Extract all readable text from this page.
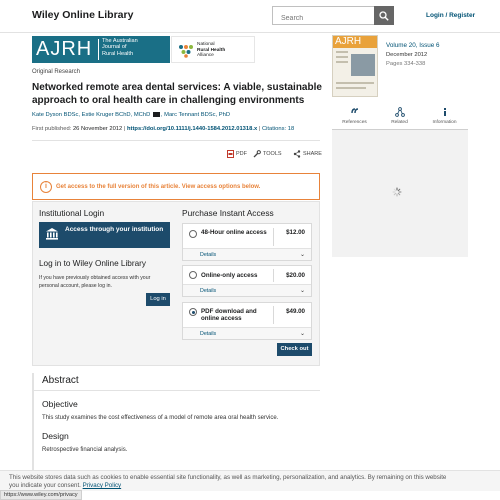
Wiley Online Library
Search	Login / Register
AJRH The Australian
Journal of
Rural Health
National
Rural Health
Alliance
Original Research
Networked remote area dental services: A viable, sustainable approach to oral health care in challenging environments
Kate Dyson BDSc, Estie Kruger BChD, MChD , Marc Tennant BDSc, PhD
First published: 26 November 2012 | https://doi.org/10.1111/j.1440-1584.2012.01318.x | Citations: 18
PDF	TOOLS	SHARE
i	Get access to the full version of this article. View access options below.
Institutional Login
Access through your institution
Log in to Wiley Online Library
If you have previously obtained access with your personal account, please log in.
Log in
Purchase Instant Access
48-Hour online access	$12.00
Details	⌄
Online-only access	$20.00
Details	⌄
PDF download and online access
$49.00
Details	⌄
Check out
Abstract
Objective
This study examines the cost effectiveness of a model of remote area oral health service.
Design
Retrospective financial analysis.
AJRH	Volume 20, Issue 6
December 2012
Pages 334-338
References	Related	Information
This website stores data such as cookies to enable essential site functionality, as well as marketing, personalization, and analytics. By remaining on this website
you indicate your consent. Privacy Policy
https://www.wiley.com/privacy
